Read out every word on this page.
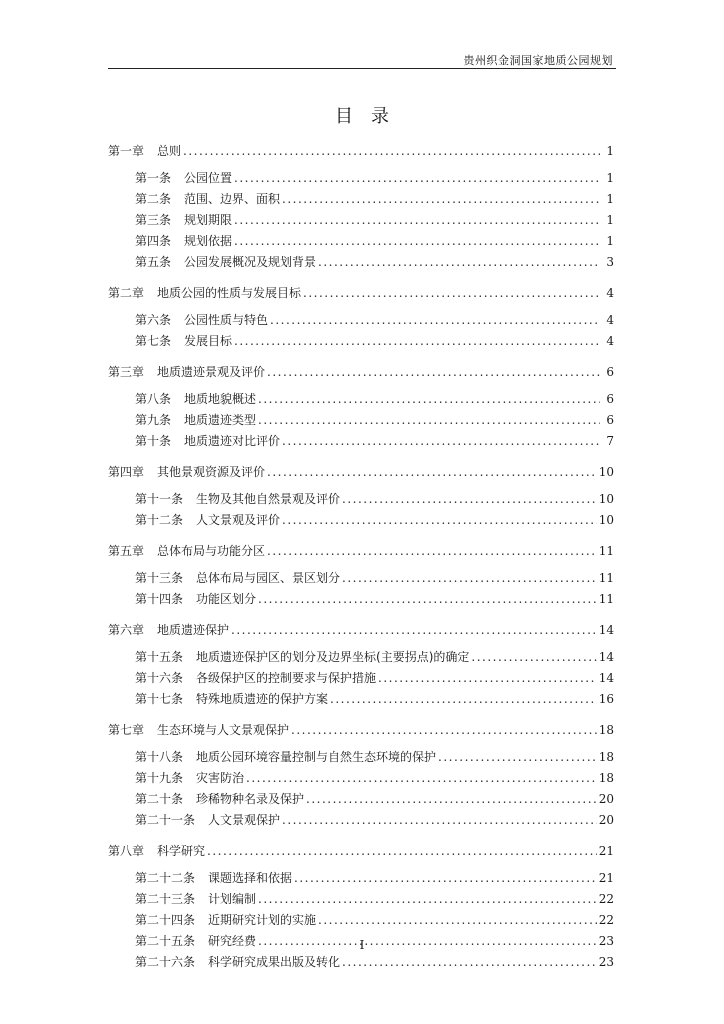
贵州织金洞国家地质公园规划
目录
第一章 总则 .....	1
第一条 公园位置 .....	1
第二条 范围、边界、面积 .....	1
第三条 规划期限 .....	1
第四条 规划依据 .....	1
第五条 公园发展概况及规划背景 .....	3
第二章 地质公园的性质与发展目标 .....	4
第六条 公园性质与特色 .....	4
第七条 发展目标 .....	4
第三章 地质遗迹景观及评价 .....	6
第八条 地质地貌概述 .....	6
第九条 地质遗迹类型 .....	6
第十条 地质遗迹对比评价 .....	7
第四章 其他景观资源及评价 .....	10
第十一条 生物及其他自然景观及评价 .....	10
第十二条 人文景观及评价 .....	10
第五章 总体布局与功能分区 .....	11
第十三条 总体布局与园区、景区划分 .....	11
第十四条 功能区划分 .....	11
第六章 地质遗迹保护 .....	14
第十五条 地质遗迹保护区的划分及边界坐标(主要拐点)的确定 .....	14
第十六条 各级保护区的控制要求与保护措施 .....	14
第十七条 特殊地质遗迹的保护方案 .....	16
第七章 生态环境与人文景观保护 .....	18
第十八条 地质公园环境容量控制与自然生态环境的保护 .....	18
第十九条 灾害防治 .....	18
第二十条 珍稀物种名录及保护 .....	20
第二十一条 人文景观保护 .....	20
第八章 科学研究 .....	21
第二十二条 课题选择和依据 .....	21
第二十三条 计划编制 .....	22
第二十四条 近期研究计划的实施 .....	22
第二十五条 研究经费 .....	23
第二十六条 科学研究成果出版及转化 .....	23
I
